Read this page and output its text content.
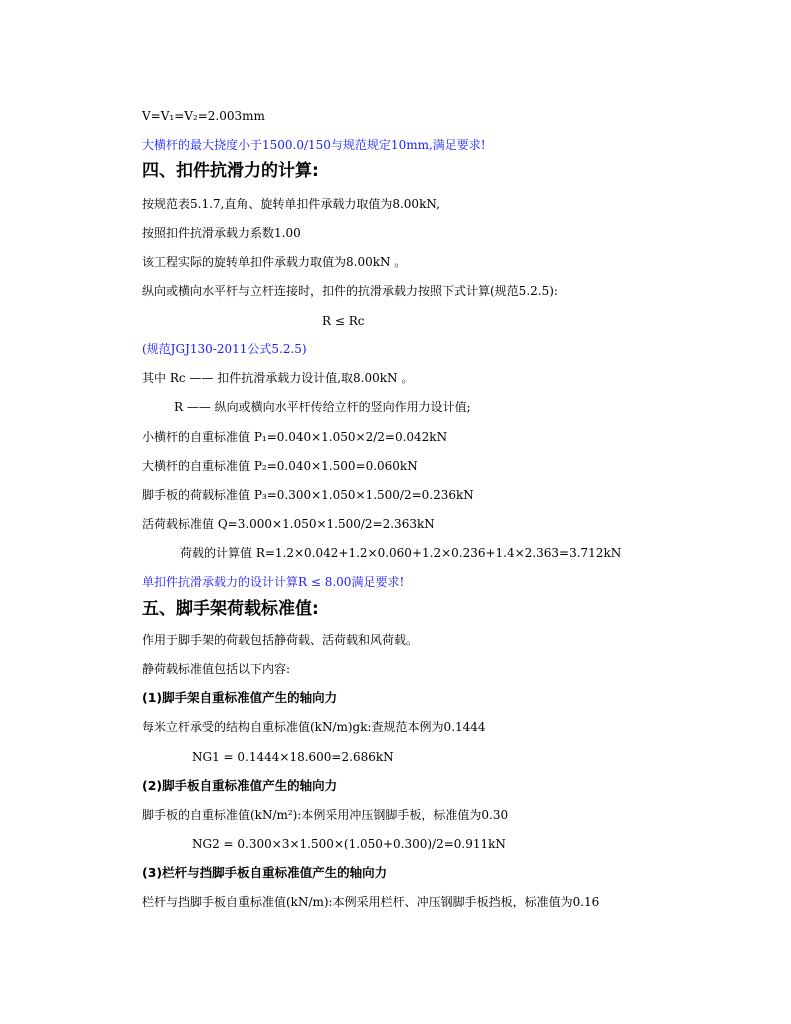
V=V₁=V₂=2.003mm
大横杆的最大挠度小于1500.0/150与规范规定10mm,满足要求!
四、扣件抗滑力的计算:
按规范表5.1.7,直角、旋转单扣件承载力取值为8.00kN,
按照扣件抗滑承载力系数1.00
该工程实际的旋转单扣件承载力取值为8.00kN 。
纵向或横向水平杆与立杆连接时，扣件的抗滑承载力按照下式计算(规范5.2.5):
R ≤ Rc
(规范JGJ130-2011公式5.2.5)
其中 Rc —— 扣件抗滑承载力设计值,取8.00kN 。
R —— 纵向或横向水平杆传给立杆的竖向作用力设计值;
小横杆的自重标准值 P₁=0.040×1.050×2/2=0.042kN
大横杆的自重标准值 P₂=0.040×1.500=0.060kN
脚手板的荷载标准值 P₃=0.300×1.050×1.500/2=0.236kN
活荷载标准值 Q=3.000×1.050×1.500/2=2.363kN
荷载的计算值 R=1.2×0.042+1.2×0.060+1.2×0.236+1.4×2.363=3.712kN
单扣件抗滑承载力的设计计算R ≤ 8.00满足要求!
五、脚手架荷载标准值:
作用于脚手架的荷载包括静荷载、活荷载和风荷载。
静荷载标准值包括以下内容:
(1)脚手架自重标准值产生的轴向力
每米立杆承受的结构自重标准值(kN/m)gk:查规范本例为0.1444
NG1 = 0.1444×18.600=2.686kN
(2)脚手板自重标准值产生的轴向力
脚手板的自重标准值(kN/m²):本例采用冲压钢脚手板，标准值为0.30
NG2 = 0.300×3×1.500×(1.050+0.300)/2=0.911kN
(3)栏杆与挡脚手板自重标准值产生的轴向力
栏杆与挡脚手板自重标准值(kN/m):本例采用栏杆、冲压钢脚手板挡板，标准值为0.16
